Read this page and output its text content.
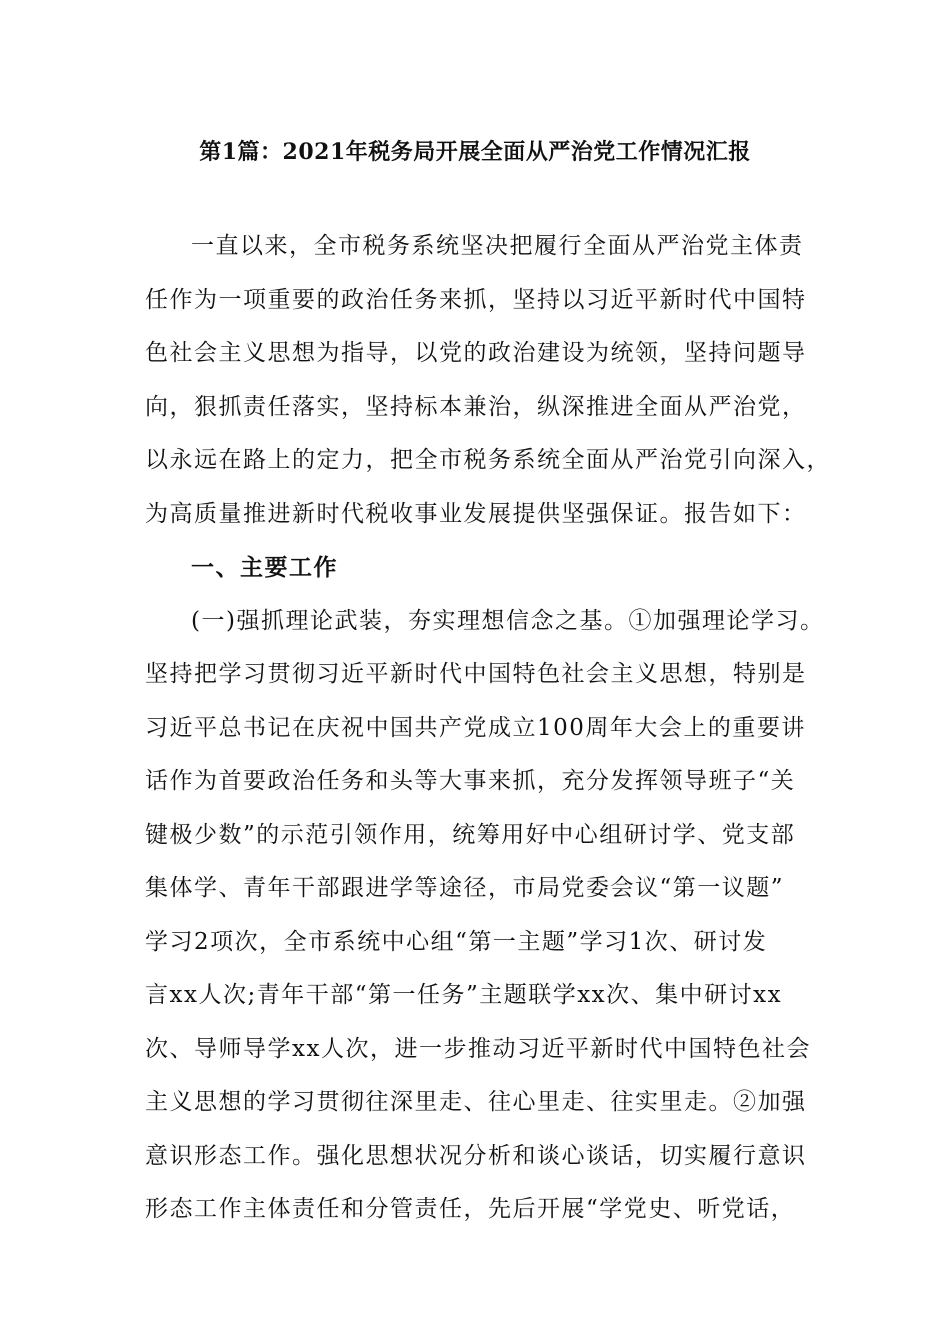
第1篇：2021年税务局开展全面从严治党工作情况汇报
一直以来，全市税务系统坚决把履行全面从严治党主体责
任作为一项重要的政治任务来抓，坚持以习近平新时代中国特
色社会主义思想为指导，以党的政治建设为统领，坚持问题导
向，狠抓责任落实，坚持标本兼治，纵深推进全面从严治党，
以永远在路上的定力，把全市税务系统全面从严治党引向深入，
为高质量推进新时代税收事业发展提供坚强保证。报告如下：
一、主要工作
(一)强抓理论武装，夯实理想信念之基。①加强理论学习。
坚持把学习贯彻习近平新时代中国特色社会主义思想，特别是
习近平总书记在庆祝中国共产党成立100周年大会上的重要讲
话作为首要政治任务和头等大事来抓，充分发挥领导班子“关
键极少数”的示范引领作用，统筹用好中心组研讨学、党支部
集体学、青年干部跟进学等途径，市局党委会议“第一议题”
学习2项次，全市系统中心组“第一主题”学习1次、研讨发
言xx人次;青年干部“第一任务”主题联学xx次、集中研讨xx
次、导师导学xx人次，进一步推动习近平新时代中国特色社会
主义思想的学习贯彻往深里走、往心里走、往实里走。②加强
意识形态工作。强化思想状况分析和谈心谈话，切实履行意识
形态工作主体责任和分管责任，先后开展“学党史、听党话，
